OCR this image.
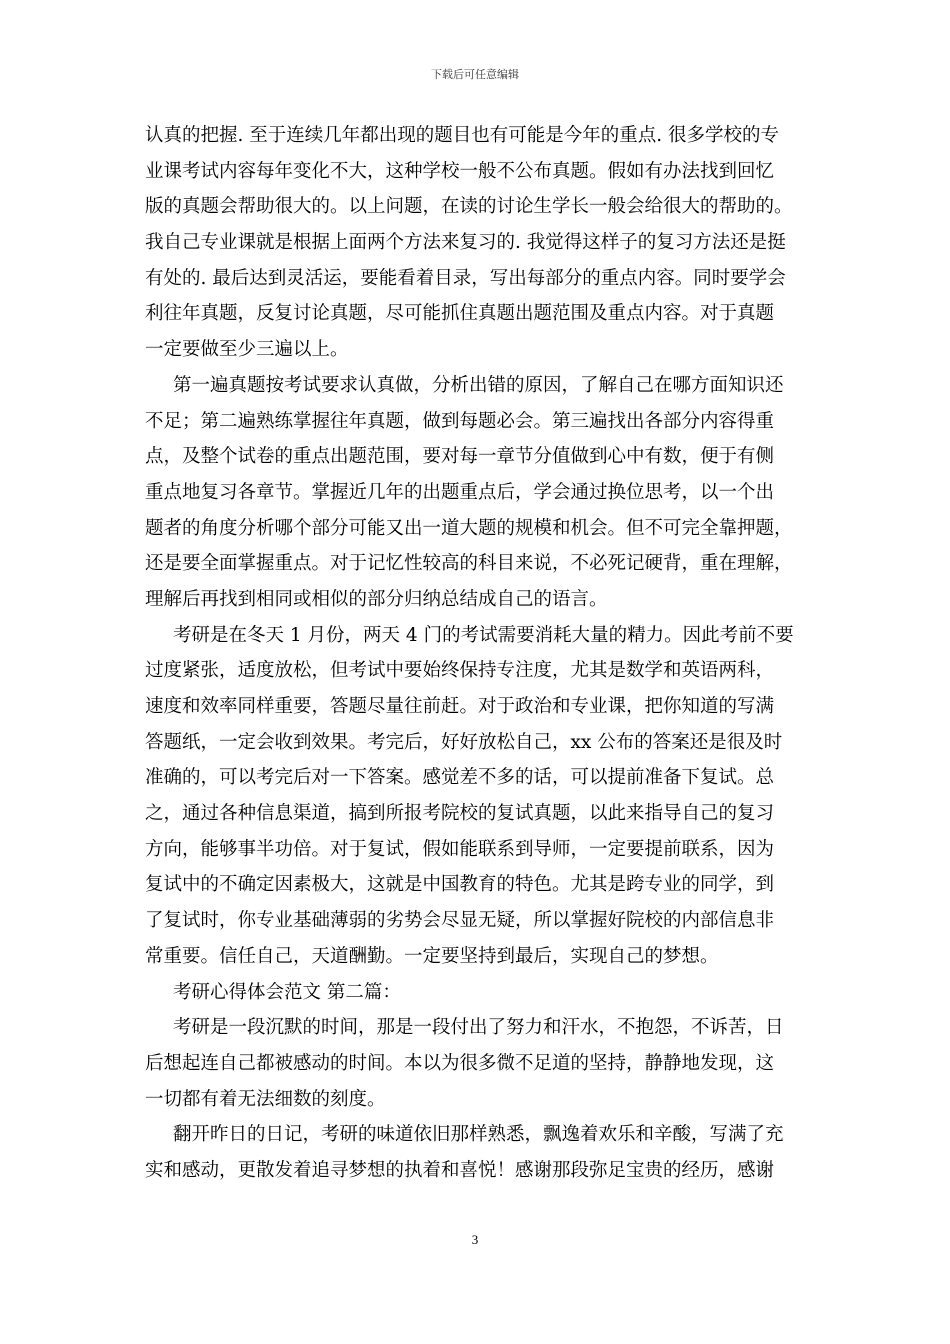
下载后可任意编辑
认真的把握. 至于连续几年都出现的题目也有可能是今年的重点. 很多学校的专
业课考试内容每年变化不大，这种学校一般不公布真题。假如有办法找到回忆
版的真题会帮助很大的。以上问题，在读的讨论生学长一般会给很大的帮助的。
我自己专业课就是根据上面两个方法来复习的. 我觉得这样子的复习方法还是挺
有处的. 最后达到灵活运，要能看着目录，写出每部分的重点内容。同时要学会
利往年真题，反复讨论真题，尽可能抓住真题出题范围及重点内容。对于真题
一定要做至少三遍以上。
第一遍真题按考试要求认真做，分析出错的原因，了解自己在哪方面知识还
不足；第二遍熟练掌握往年真题，做到每题必会。第三遍找出各部分内容得重
点，及整个试卷的重点出题范围，要对每一章节分值做到心中有数，便于有侧
重点地复习各章节。掌握近几年的出题重点后，学会通过换位思考，以一个出
题者的角度分析哪个部分可能又出一道大题的规模和机会。但不可完全靠押题，
还是要全面掌握重点。对于记忆性较高的科目来说，不必死记硬背，重在理解，
理解后再找到相同或相似的部分归纳总结成自己的语言。
考研是在冬天 1 月份，两天 4 门的考试需要消耗大量的精力。因此考前不要
过度紧张，适度放松，但考试中要始终保持专注度，尤其是数学和英语两科，
速度和效率同样重要，答题尽量往前赶。对于政治和专业课，把你知道的写满
答题纸，一定会收到效果。考完后，好好放松自己，xx 公布的答案还是很及时
准确的，可以考完后对一下答案。感觉差不多的话，可以提前准备下复试。总
之，通过各种信息渠道，搞到所报考院校的复试真题，以此来指导自己的复习
方向，能够事半功倍。对于复试，假如能联系到导师，一定要提前联系，因为
复试中的不确定因素极大，这就是中国教育的特色。尤其是跨专业的同学，到
了复试时，你专业基础薄弱的劣势会尽显无疑，所以掌握好院校的内部信息非
常重要。信任自己，天道酬勤。一定要坚持到最后，实现自己的梦想。
考研心得体会范文 第二篇：
考研是一段沉默的时间，那是一段付出了努力和汗水，不抱怨，不诉苦，日
后想起连自己都被感动的时间。本以为很多微不足道的坚持，静静地发现，这
一切都有着无法细数的刻度。
翻开昨日的日记，考研的味道依旧那样熟悉，飘逸着欢乐和辛酸，写满了充
实和感动，更散发着追寻梦想的执着和喜悦！感谢那段弥足宝贵的经历，感谢
3
